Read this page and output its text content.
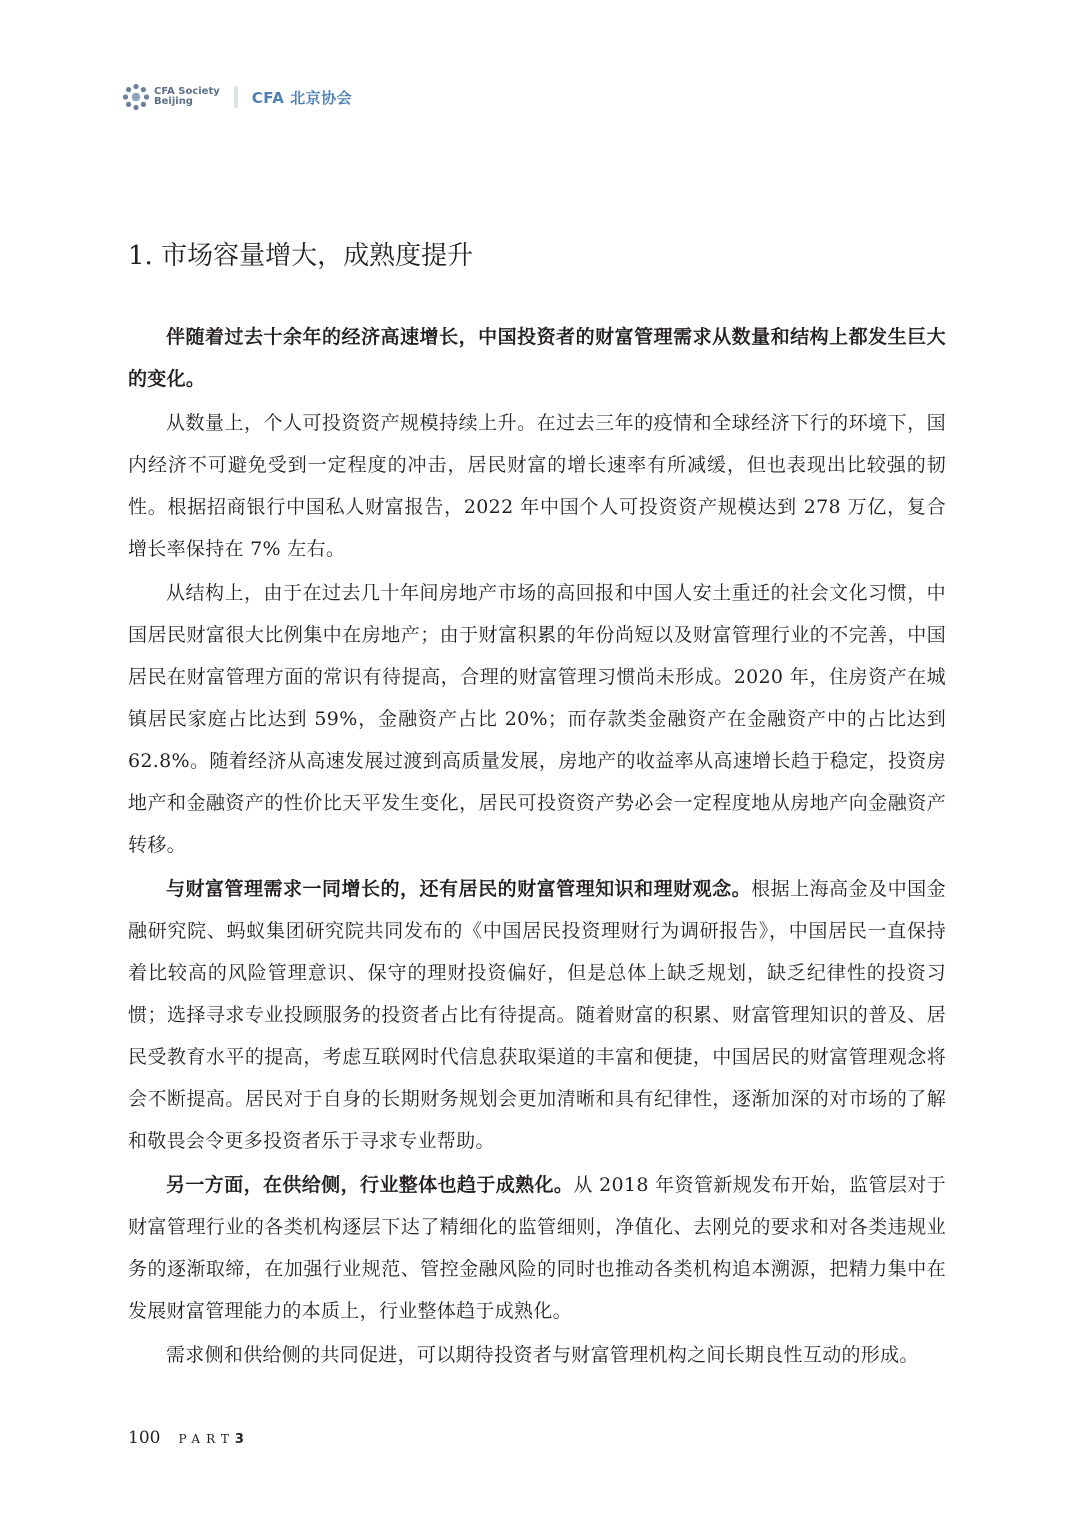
CFA Society
Beijing	CFA 北京协会
1. 市场容量增大，成熟度提升

伴随着过去十余年的经济高速增长，中国投资者的财富管理需求从数量和结构上都发生巨大的变化。

从数量上，个人可投资资产规模持续上升。在过去三年的疫情和全球经济下行的环境下，国内经济不可避免受到一定程度的冲击，居民财富的增长速率有所减缓，但也表现出比较强的韧性。根据招商银行中国私人财富报告，2022 年中国个人可投资资产规模达到 278 万亿，复合增长率保持在 7% 左右。

从结构上，由于在过去几十年间房地产市场的高回报和中国人安土重迁的社会文化习惯，中国居民财富很大比例集中在房地产；由于财富积累的年份尚短以及财富管理行业的不完善，中国居民在财富管理方面的常识有待提高，合理的财富管理习惯尚未形成。2020 年，住房资产在城镇居民家庭占比达到 59%，金融资产占比 20%；而存款类金融资产在金融资产中的占比达到 62.8%。随着经济从高速发展过渡到高质量发展，房地产的收益率从高速增长趋于稳定，投资房地产和金融资产的性价比天平发生变化，居民可投资资产势必会一定程度地从房地产向金融资产转移。

与财富管理需求一同增长的，还有居民的财富管理知识和理财观念。根据上海高金及中国金融研究院、蚂蚁集团研究院共同发布的《中国居民投资理财行为调研报告》，中国居民一直保持着比较高的风险管理意识、保守的理财投资偏好，但是总体上缺乏规划，缺乏纪律性的投资习惯；选择寻求专业投顾服务的投资者占比有待提高。随着财富的积累、财富管理知识的普及、居民受教育水平的提高，考虑互联网时代信息获取渠道的丰富和便捷，中国居民的财富管理观念将会不断提高。居民对于自身的长期财务规划会更加清晰和具有纪律性，逐渐加深的对市场的了解和敬畏会令更多投资者乐于寻求专业帮助。

另一方面，在供给侧，行业整体也趋于成熟化。从 2018 年资管新规发布开始，监管层对于财富管理行业的各类机构逐层下达了精细化的监管细则，净值化、去刚兑的要求和对各类违规业务的逐渐取缔，在加强行业规范、管控金融风险的同时也推动各类机构追本溯源，把精力集中在发展财富管理能力的本质上，行业整体趋于成熟化。

需求侧和供给侧的共同促进，可以期待投资者与财富管理机构之间长期良性互动的形成。

100 PART 3
